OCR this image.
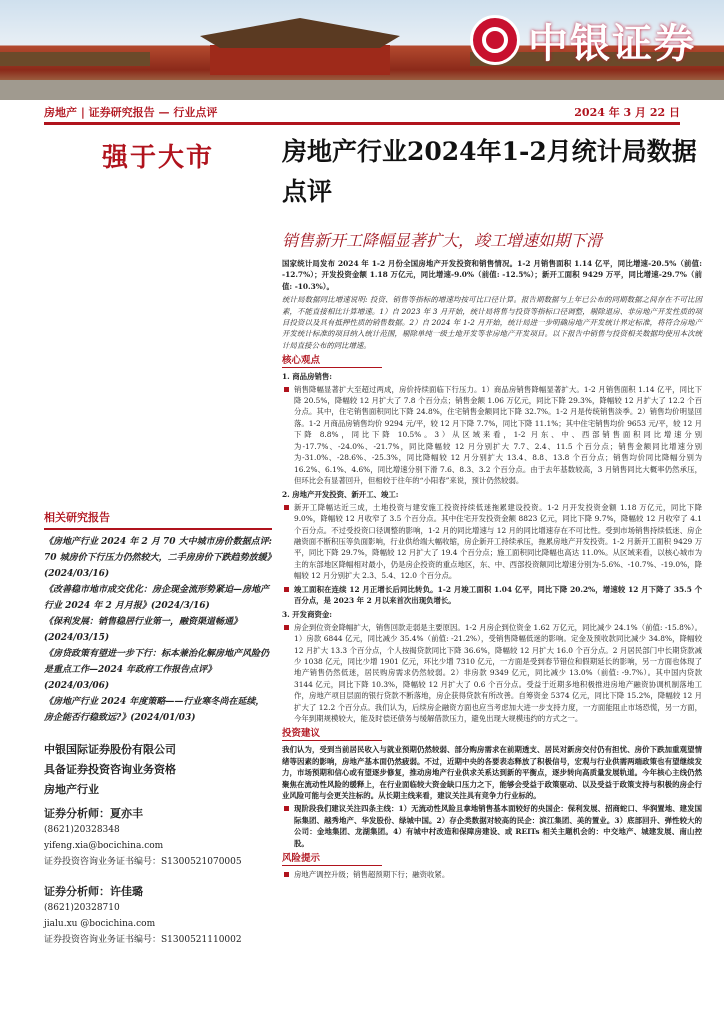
中银证券
房地产 | 证券研究报告 — 行业点评	2024 年 3 月 22 日
强于大市	房地产行业2024年1-2月统计局数据点评
销售新开工降幅显著扩大，竣工增速如期下滑

国家统计局发布 2024 年 1-2 月份全国房地产开发投资和销售情况。1-2 月销售面积 1.14 亿平，同比增速-20.5%（前值: -12.7%）；开发投资金额 1.18 万亿元，同比增速-9.0%（前值: -12.5%）；新开工面积 9429 万平，同比增速-29.7%（前值: -10.3%）。

统计局数据同比增速说明: 投资、销售等指标的增速均按可比口径计算。报告期数据与上年已公布的同期数据之间存在不可比因素，不能直接相比计算增速。1）自 2023 年 3 月开始，统计局将售与投资等指标口径调整，剔除退房、非房地产开发性质的项目投资以及具有抵押性质的销售数据。2）自 2024 年 1-2 月开始，统计局进一步明确房地产开发统计界定标准，将符合房地产开发统计标准的项目纳入统计范围，剔除单纯一级土地开发等非房地产开发项目。以下报告中销售与投资相关数据均使用本次统计局直接公布的同比增速。

核心观点
1. 商品房销售:
销售降幅显著扩大至超过两成，房价持续面临下行压力。1）商品房销售降幅显著扩大。1-2 月销售面积 1.14 亿平，同比下降 20.5%，降幅较 12 月扩大了 7.8 个百分点；销售金额 1.06 万亿元，同比下降 29.3%，降幅较 12 月扩大了 12.2 个百分点。其中，住宅销售面积同比下降 24.8%，住宅销售金额同比下降 32.7%。1-2 月是传统销售淡季。2）销售均价明显回落。1-2 月商品房销售均价 9294 元/平，较 12 月下降 7.7%，同比下降 11.1%；其中住宅销售均价 9653 元/平，较 12 月下降 8.8%，同比下降 10.5%。3）从区域来看，1-2 月东、中、西部销售面积同比增速分别为-17.7%、-24.0%、-21.7%，同比降幅较 12 月分别扩大 7.7、2.4、11.5 个百分点；销售金额同比增速分别为-31.0%、-28.6%、-25.3%，同比降幅较 12 月分别扩大 13.4、8.8、13.8 个百分点；销售均价同比降幅分别为 16.2%、6.1%、4.6%，同比增速分别下滑 7.6、8.3、3.2 个百分点。由于去年基数较高，3 月销售同比大概率仍然承压，但环比会有显著回升，但相较于往年的“小阳春”来说，预计仍然较弱。
2. 房地产开发投资、新开工、竣工:
新开工降幅达近三成，土地投资与建安施工投资持续低迷拖累建设投资。1-2 月开发投资金额 1.18 万亿元，同比下降 9.0%，降幅较 12 月收窄了 3.5 个百分点。其中住宅开发投资金额 8823 亿元，同比下降 9.7%，降幅较 12 月收窄了 4.1 个百分点。不过受投资口径调整的影响，1-2 月的同比增速与 12 月的同比增速存在不可比性。受到市场销售持续低迷、房企融资面不断积压等负面影响，行业供给端大幅收缩，房企新开工持续承压，拖累房地产开发投资。1-2 月新开工面积 9429 万平，同比下降 29.7%，降幅较 12 月扩大了 19.4 个百分点；施工面积同比降幅也高达 11.0%。从区域来看，以核心城市为主的东部地区降幅相对最小，仍是房企投资的重点地区，东、中、西部投资额同比增速分别为-5.6%、-10.7%、-19.0%，降幅较 12 月分别扩大 2.3、5.4、12.0 个百分点。
竣工面积在连续 12 月正增长后同比转负。1-2 月竣工面积 1.04 亿平，同比下降 20.2%，增速较 12 月下降了 35.5 个百分点，是 2023 年 2 月以来首次出现负增长。
3. 开发商资金:
房企到位资金降幅扩大，销售回款走弱是主要原因。1-2 月房企到位资金 1.62 万亿元，同比减少 24.1%（前值: -15.8%）。1）房款 6844 亿元，同比减少 35.4%（前值: -21.2%），受销售降幅低迷的影响。定金及预收款同比减少 34.8%，降幅较 12 月扩大 13.3 个百分点，个人按揭贷款同比下降 36.6%，降幅较 12 月扩大 16.0 个百分点。2 月居民部门中长期贷款减少 1038 亿元，同比少增 1901 亿元，环比少增 7310 亿元，一方面是受到春节错位和假期延长的影响，另一方面也体现了地产销售仍然低迷，居民购房需求仍然较弱。2）非房款 9349 亿元，同比减少 13.0%（前值: -9.7%）。其中国内贷款 3144 亿元，同比下降 10.3%，降幅较 12 月扩大了 0.6 个百分点。受益于近期多地积极推进房地产融资协调机制落地工作，房地产项目层面的银行贷款不断落地，房企获得贷款有所改善。自筹资金 5374 亿元，同比下降 15.2%，降幅较 12 月扩大了 12.2 个百分点。我们认为，后续房企融资方面也应当考虑加大进一步支持力度，一方面能阻止市场恐慌，另一方面，今年到期规模较大，能及时偿还债务与缓解借款压力，避免出现大规模违约的方式之一。
投资建议

我们认为，受到当前居民收入与就业预期仍然较弱、部分购房需求在前期透支、居民对新房交付仍有担忧、房价下跌加重观望情绪等因素的影响，房地产基本面仍然疲弱。不过，近期中央的各要表态释放了积极信号，宏观与行业供需两端政策也有望继续发力，市场预期和信心或有望逐步修复，推动房地产行业供求关系达到新的平衡点，逐步转向高质量发展轨道。今年核心主线仍然聚焦在流动性风险的缓释上，在行业面临较大资金缺口压力之下，能够会受益于政策驱动、以及受益于政策支持与积极的房企行业风险可能与会更关注标的。从长期主线来看，建议关注具有竞争力行业标的。

现阶段我们建议关注四条主线：1）无流动性风险且拿地销售基本面较好的央国企：保利发展、招商蛇口、华润置地、建发国际集团、越秀地产、华发股份、绿城中国。2）存企类数据对较高的民企：滨江集团、美的置业。3）底部回升、弹性较大的公司：金地集团、龙湖集团。4）有城中村改造和保障房建设、或 REITs 相关主题机会的：中交地产、城建发展、南山控股。
风险提示
房地产调控升级；销售超预期下行；融资收紧。
相关研究报告
《房地产行业 2024 年 2 月 70 大中城市房价数据点评: 70 城房价下行压力仍然较大，二手房房价下跌趋势放缓》(2024/03/16)
《改善稳市地市成交优化：房企现金流形势紧迫—房地产行业 2024 年 2 月月报》(2024/3/16)
《保利发展：销售稳居行业第一，融资渠道畅通》(2024/03/15)
《房贷政策有望进一步下行：标本兼治化解房地产风险仍是重点工作—2024 年政府工作报告点评》(2024/03/06)
《房地产行业 2024 年度策略——行业寒冬尚在延续，房企能否行稳致远?》(2024/01/03)
中银国际证券股份有限公司
具备证券投资咨询业务资格
房地产行业
证券分析师：夏亦丰
(8621)20328348
yifeng.xia@bocichina.com
证券投资咨询业务证书编号：S1300521070005
证券分析师：许佳璐
(8621)20328710
jialu.xu @bocichina.com
证券投资咨询业务证书编号：S1300521110002
